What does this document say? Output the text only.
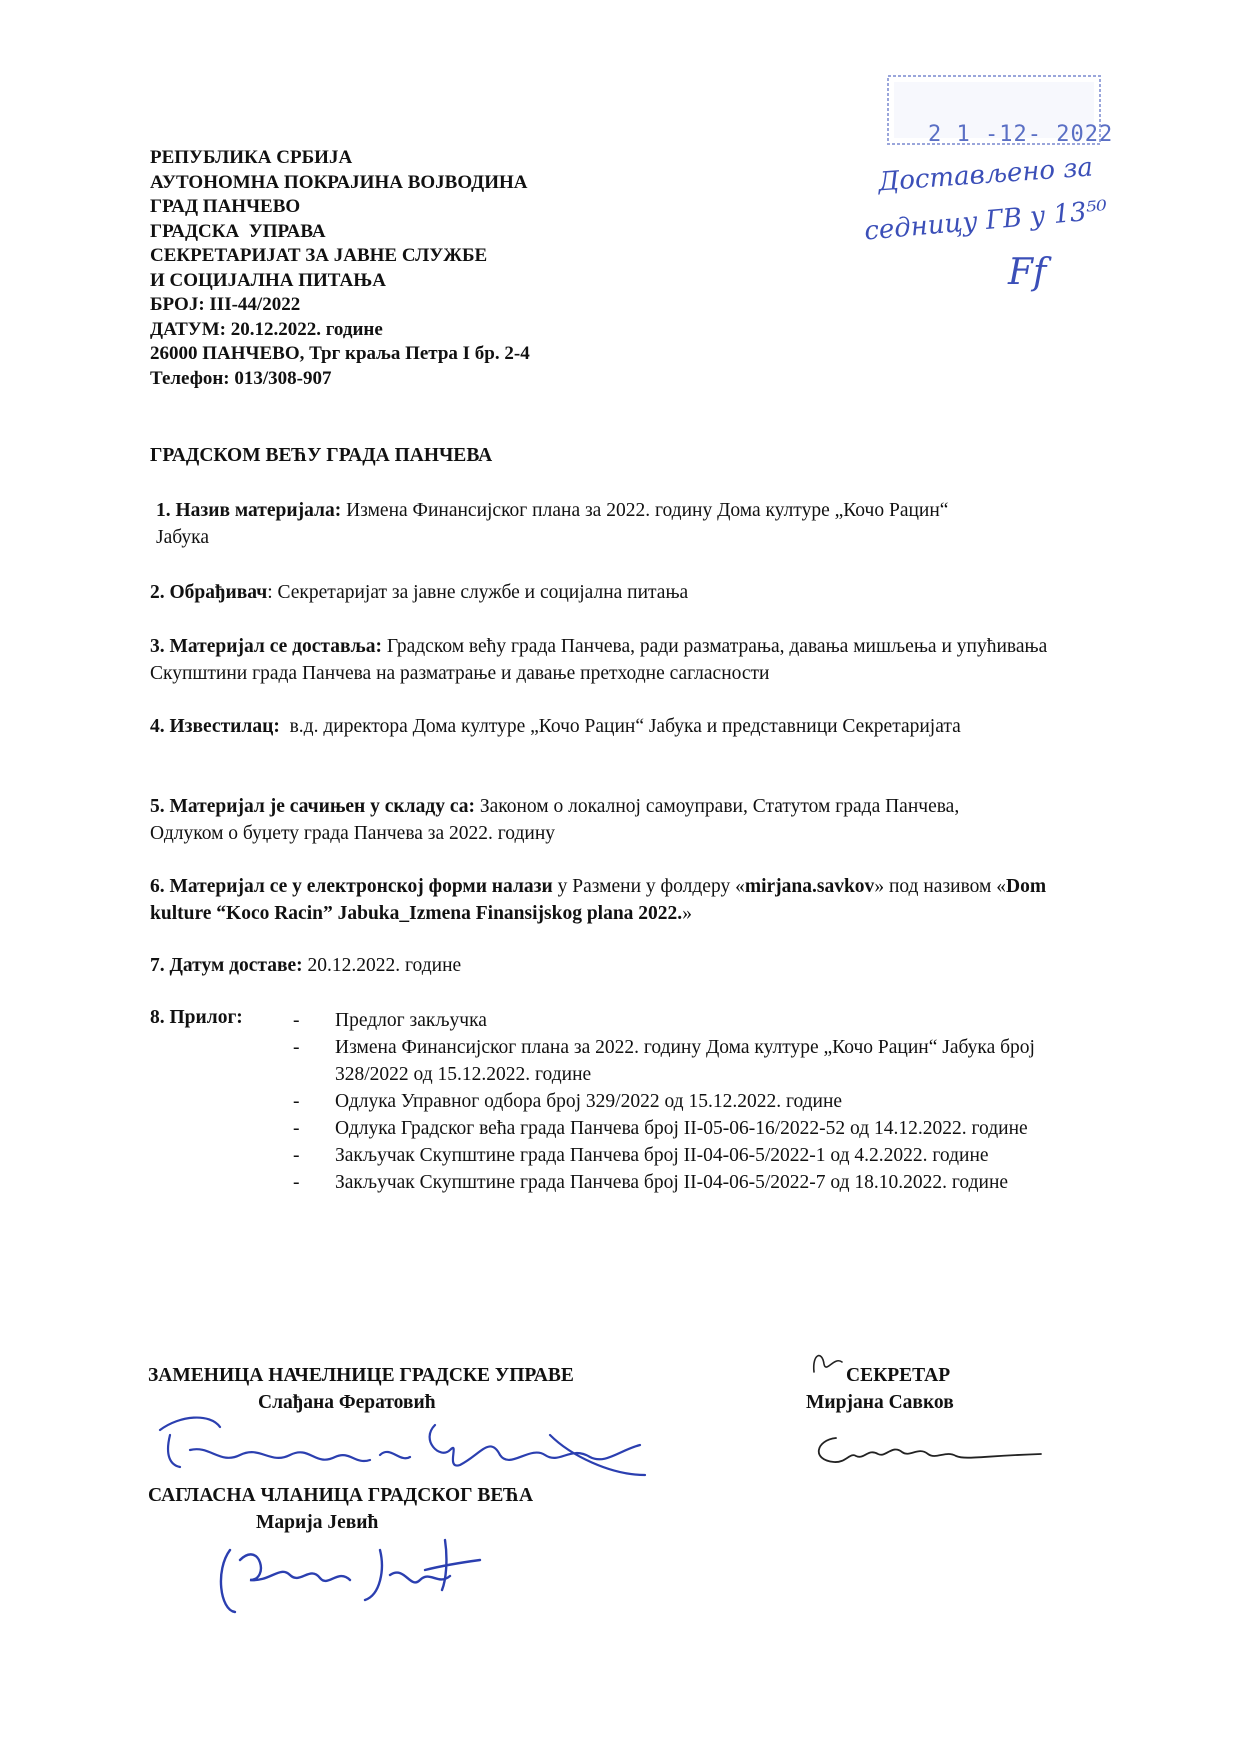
2 1 -12- 2022
Достављено за
седницу ГВ у 13⁵⁰
Ff
РЕПУБЛИКА СРБИЈА
АУТОНОМНА ПОКРАЈИНА ВОЈВОДИНА
ГРАД ПАНЧЕВО
ГРАДСКА  УПРАВА
СЕКРЕТАРИЈАТ ЗА ЈАВНЕ СЛУЖБЕ
И СОЦИЈАЛНА ПИТАЊА
БРОЈ: III-44/2022
ДАТУМ: 20.12.2022. године
26000 ПАНЧЕВО, Трг краља Петра I бр. 2-4
Телефон: 013/308-907
ГРАДСКОМ ВЕЋУ ГРАДА ПАНЧЕВА
1. Назив материјала: Измена Финансијског плана за 2022. годину Дома културе „Кочо Рацин“
Јабука
2. Обрађивач: Секретаријат за јавне службе и социјална питања
3. Материјал се доставља: Градском већу града Панчева, ради разматрања, давања мишљења и упућивања Скупштини града Панчева на разматрање и давање претходне сагласности
4. Известилац:  в.д. директора Дома културе „Кочо Рацин“ Јабука и представници Секретаријата
5. Материјал је сачињен у складу са: Законом о локалној самоуправи, Статутом града Панчева, Одлуком о буџету града Панчева за 2022. годину
6. Материјал се у електронској форми налази у Размени у фолдеру «mirjana.savkov» под називом «Dom kulture “Koco Racin” Jabuka_Izmena Finansijskog plana 2022.»
7. Датум доставе: 20.12.2022. године
8. Прилог:	-	Предлог закључка
-	Измена Финансијског плана за 2022. годину Дома културе „Кочо Рацин“ Јабука број 328/2022 од 15.12.2022. године
-	Одлука Управног одбора број 329/2022 од 15.12.2022. године
-	Одлука Градског већа града Панчева број II-05-06-16/2022-52 од 14.12.2022. године
-	Закључак Скупштине града Панчева број II-04-06-5/2022-1 од 4.2.2022. године
-	Закључак Скупштине града Панчева број II-04-06-5/2022-7 од 18.10.2022. године
ЗАМЕНИЦА НАЧЕЛНИЦЕ ГРАДСКЕ УПРАВЕ
Слађана Фератовић
СЕКРЕТАР
Мирјана Савков
САГЛАСНА ЧЛАНИЦА ГРАДСКОГ ВЕЋА
Марија Јевић
